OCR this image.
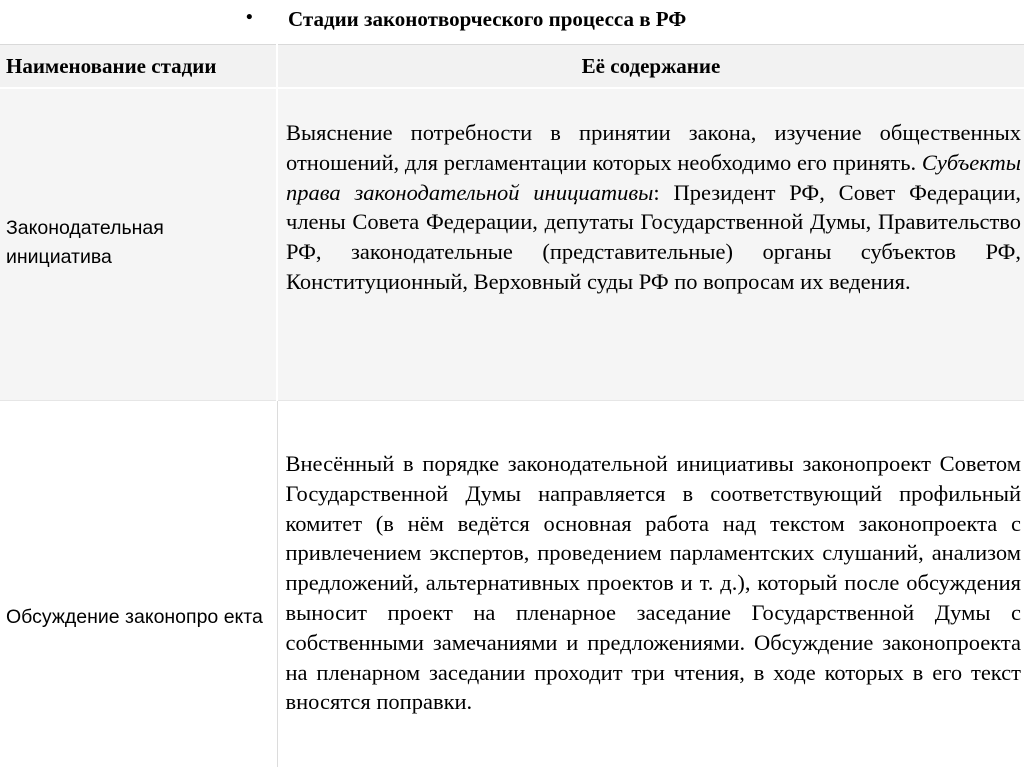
• Стадии законотворческого процесса в РФ
Наименование стадии	Её содержание
Законодательная инициатива	Выяснение потребности в принятии закона, изучение общественных отношений, для регламентации которых необходимо его принять. Субъекты права законодательной инициативы: Президент РФ, Совет Федерации, члены Совета Федерации, депутаты Государственной Думы, Правительство РФ, законодательные (представительные) органы субъектов РФ, Конституционный, Верховный суды РФ по вопросам их ведения.
Обсуждение законопро екта	Внесённый в порядке законодательной инициативы законопроект Советом Государственной Думы направляется в соответствующий профильный комитет (в нём ведётся основная работа над текстом законопроекта с привлечением экспертов, проведением парламентских слушаний, анализом предложений, альтернативных проектов и т. д.), который после обсуждения выносит проект на пленарное заседание Государственной Думы с собственными замечаниями и предложениями. Обсуждение законопроекта на пленарном заседании проходит три чтения, в ходе которых в его текст вносятся поправки.
